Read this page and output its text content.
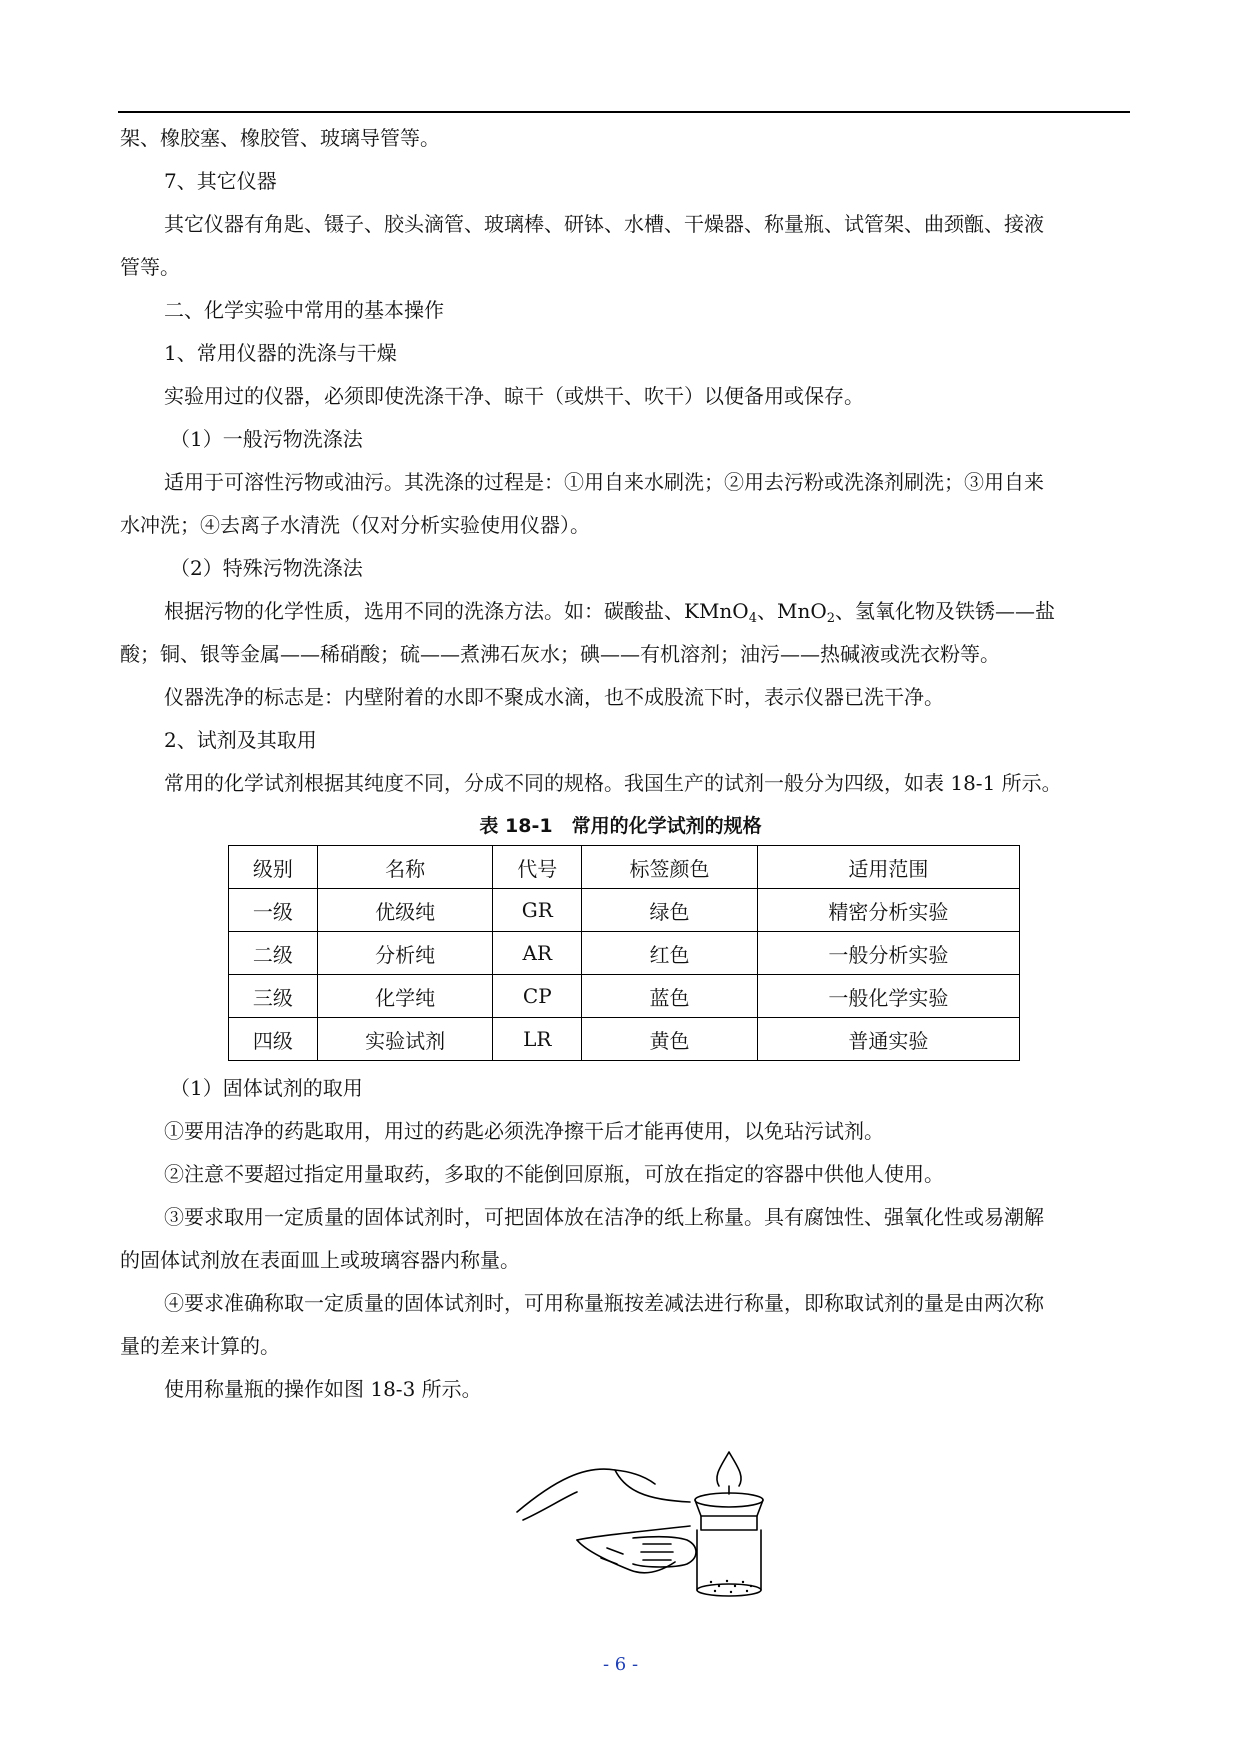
架、橡胶塞、橡胶管、玻璃导管等。
7、其它仪器
其它仪器有角匙、镊子、胶头滴管、玻璃棒、研钵、水槽、干燥器、称量瓶、试管架、曲颈甑、接液
管等。
二、化学实验中常用的基本操作
1、常用仪器的洗涤与干燥
实验用过的仪器，必须即使洗涤干净、晾干（或烘干、吹干）以便备用或保存。
（1）一般污物洗涤法
适用于可溶性污物或油污。其洗涤的过程是：①用自来水刷洗；②用去污粉或洗涤剂刷洗；③用自来
水冲洗；④去离子水清洗（仅对分析实验使用仪器）。
（2）特殊污物洗涤法
根据污物的化学性质，选用不同的洗涤方法。如：碳酸盐、KMnO$_4$、MnO$_2$、氢氧化物及铁锈——盐
酸；铜、银等金属——稀硝酸；硫——煮沸石灰水；碘——有机溶剂；油污——热碱液或洗衣粉等。
仪器洗净的标志是：内壁附着的水即不聚成水滴，也不成股流下时，表示仪器已洗干净。
2、试剂及其取用
常用的化学试剂根据其纯度不同，分成不同的规格。我国生产的试剂一般分为四级，如表 18-1 所示。
表 18-1　常用的化学试剂的规格
级别	名称	代号	标签颜色	适用范围
一级	优级纯	GR	绿色	精密分析实验
二级	分析纯	AR	红色	一般分析实验
三级	化学纯	CP	蓝色	一般化学实验
四级	实验试剂	LR	黄色	普通实验
（1）固体试剂的取用
①要用洁净的药匙取用，用过的药匙必须洗净擦干后才能再使用，以免玷污试剂。
②注意不要超过指定用量取药，多取的不能倒回原瓶，可放在指定的容器中供他人使用。
③要求取用一定质量的固体试剂时，可把固体放在洁净的纸上称量。具有腐蚀性、强氧化性或易潮解
的固体试剂放在表面皿上或玻璃容器内称量。
④要求准确称取一定质量的固体试剂时，可用称量瓶按差减法进行称量，即称取试剂的量是由两次称
量的差来计算的。
使用称量瓶的操作如图 18-3 所示。
- 6 -
